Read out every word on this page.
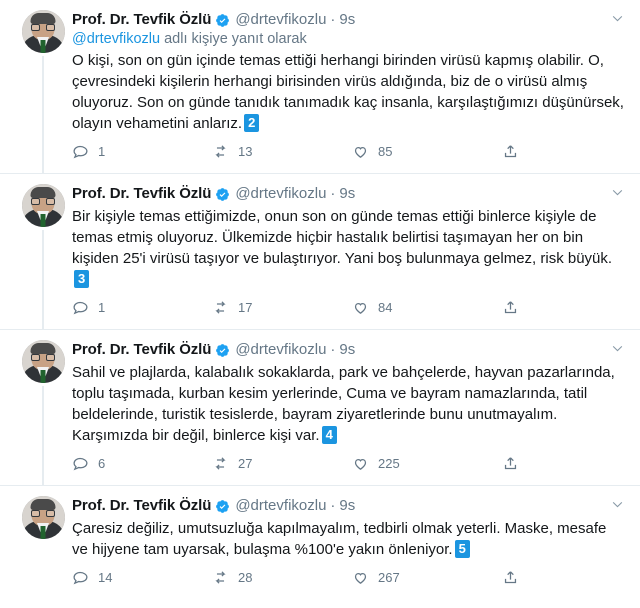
Prof. Dr. Tevfik Özlü @drtevfikozlu · 9s
@drtevfikozlu adlı kişiye yanıt olarak
O kişi, son on gün içinde temas ettiği herhangi birinden virüsü kapmış olabilir. O, çevresindeki kişilerin herhangi birisinden virüs aldığında, biz de o virüsü almış oluyoruz. Son on günde tanıdık tanımadık kaç insanla, karşılaştığımızı düşünürsek, olayın vehametini anlarız. 2
1	13	85
Prof. Dr. Tevfik Özlü @drtevfikozlu · 9s
Bir kişiyle temas ettiğimizde, onun son on günde temas ettiği binlerce kişiyle de temas etmiş oluyoruz. Ülkemizde hiçbir hastalık belirtisi taşımayan her on bin kişiden 25'i virüsü taşıyor ve bulaştırıyor. Yani boş bulunmaya gelmez, risk büyük.3
1	17	84
Prof. Dr. Tevfik Özlü @drtevfikozlu · 9s
Sahil ve plajlarda, kalabalık sokaklarda, park ve bahçelerde, hayvan pazarlarında, toplu taşımada, kurban kesim yerlerinde, Cuma ve bayram namazlarında, tatil beldelerinde, turistik tesislerde, bayram ziyaretlerinde bunu unutmayalım. Karşımızda bir değil, binlerce kişi var. 4
6	27	225
Prof. Dr. Tevfik Özlü @drtevfikozlu · 9s
Çaresiz değiliz, umutsuzluğa kapılmayalım, tedbirli olmak yeterli. Maske, mesafe ve hijyene tam uyarsak, bulaşma %100'e yakın önleniyor. 5
14	28	267
